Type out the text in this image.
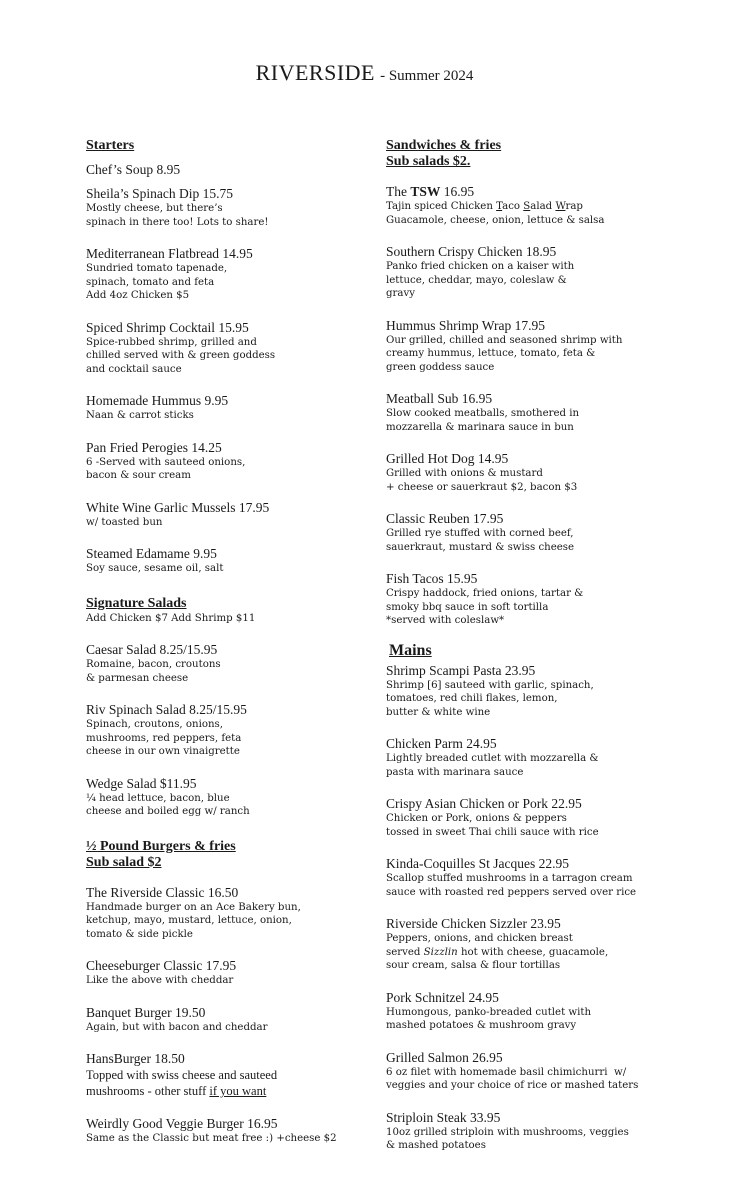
RIVERSIDE - Summer 2024
Starters
Chef’s Soup 8.95
Sheila’s Spinach Dip 15.75
Mostly cheese, but there’s
spinach in there too! Lots to share!
Mediterranean Flatbread 14.95
Sundried tomato tapenade,
spinach, tomato and feta
Add 4oz Chicken $5
Spiced Shrimp Cocktail 15.95
Spice-rubbed shrimp, grilled and
chilled served with & green goddess
and cocktail sauce
Homemade Hummus 9.95
Naan & carrot sticks
Pan Fried Perogies 14.25
6 -Served with sauteed onions,
bacon & sour cream
White Wine Garlic Mussels 17.95
w/ toasted bun
Steamed Edamame 9.95
Soy sauce, sesame oil, salt
Signature Salads
Add Chicken $7 Add Shrimp $11
Caesar Salad 8.25/15.95
Romaine, bacon, croutons
& parmesan cheese
Riv Spinach Salad 8.25/15.95
Spinach, croutons, onions,
mushrooms, red peppers, feta
cheese in our own vinaigrette
Wedge Salad $11.95
¼ head lettuce, bacon, blue
cheese and boiled egg w/ ranch
½ Pound Burgers & fries
Sub salad $2
The Riverside Classic 16.50
Handmade burger on an Ace Bakery bun,
ketchup, mayo, mustard, lettuce, onion,
tomato & side pickle
Cheeseburger Classic 17.95
Like the above with cheddar
Banquet Burger 19.50
Again, but with bacon and cheddar
HansBurger 18.50
Topped with swiss cheese and sauteed
mushrooms - other stuff if you want
Weirdly Good Veggie Burger 16.95
Same as the Classic but meat free :) +cheese $2
Sandwiches & fries
Sub salads $2.
The TSW 16.95
Tajin spiced Chicken Taco Salad Wrap
Guacamole, cheese, onion, lettuce & salsa
Southern Crispy Chicken 18.95
Panko fried chicken on a kaiser with
lettuce, cheddar, mayo, coleslaw &
gravy
Hummus Shrimp Wrap 17.95
Our grilled, chilled and seasoned shrimp with
creamy hummus, lettuce, tomato, feta &
green goddess sauce
Meatball Sub 16.95
Slow cooked meatballs, smothered in
mozzarella & marinara sauce in bun
Grilled Hot Dog 14.95
Grilled with onions & mustard
+ cheese or sauerkraut $2, bacon $3
Classic Reuben 17.95
Grilled rye stuffed with corned beef,
sauerkraut, mustard & swiss cheese
Fish Tacos 15.95
Crispy haddock, fried onions, tartar &
smoky bbq sauce in soft tortilla
*served with coleslaw*
Mains
Shrimp Scampi Pasta 23.95
Shrimp [6] sauteed with garlic, spinach,
tomatoes, red chili flakes, lemon,
butter & white wine
Chicken Parm 24.95
Lightly breaded cutlet with mozzarella &
pasta with marinara sauce
Crispy Asian Chicken or Pork 22.95
Chicken or Pork, onions & peppers
tossed in sweet Thai chili sauce with rice
Kinda-Coquilles St Jacques 22.95
Scallop stuffed mushrooms in a tarragon cream
sauce with roasted red peppers served over rice
Riverside Chicken Sizzler 23.95
Peppers, onions, and chicken breast
served Sizzlin hot with cheese, guacamole,
sour cream, salsa & flour tortillas
Pork Schnitzel 24.95
Humongous, panko-breaded cutlet with
mashed potatoes & mushroom gravy
Grilled Salmon 26.95
6 oz filet with homemade basil chimichurri  w/
veggies and your choice of rice or mashed taters
Striploin Steak 33.95
10oz grilled striploin with mushrooms, veggies
& mashed potatoes
